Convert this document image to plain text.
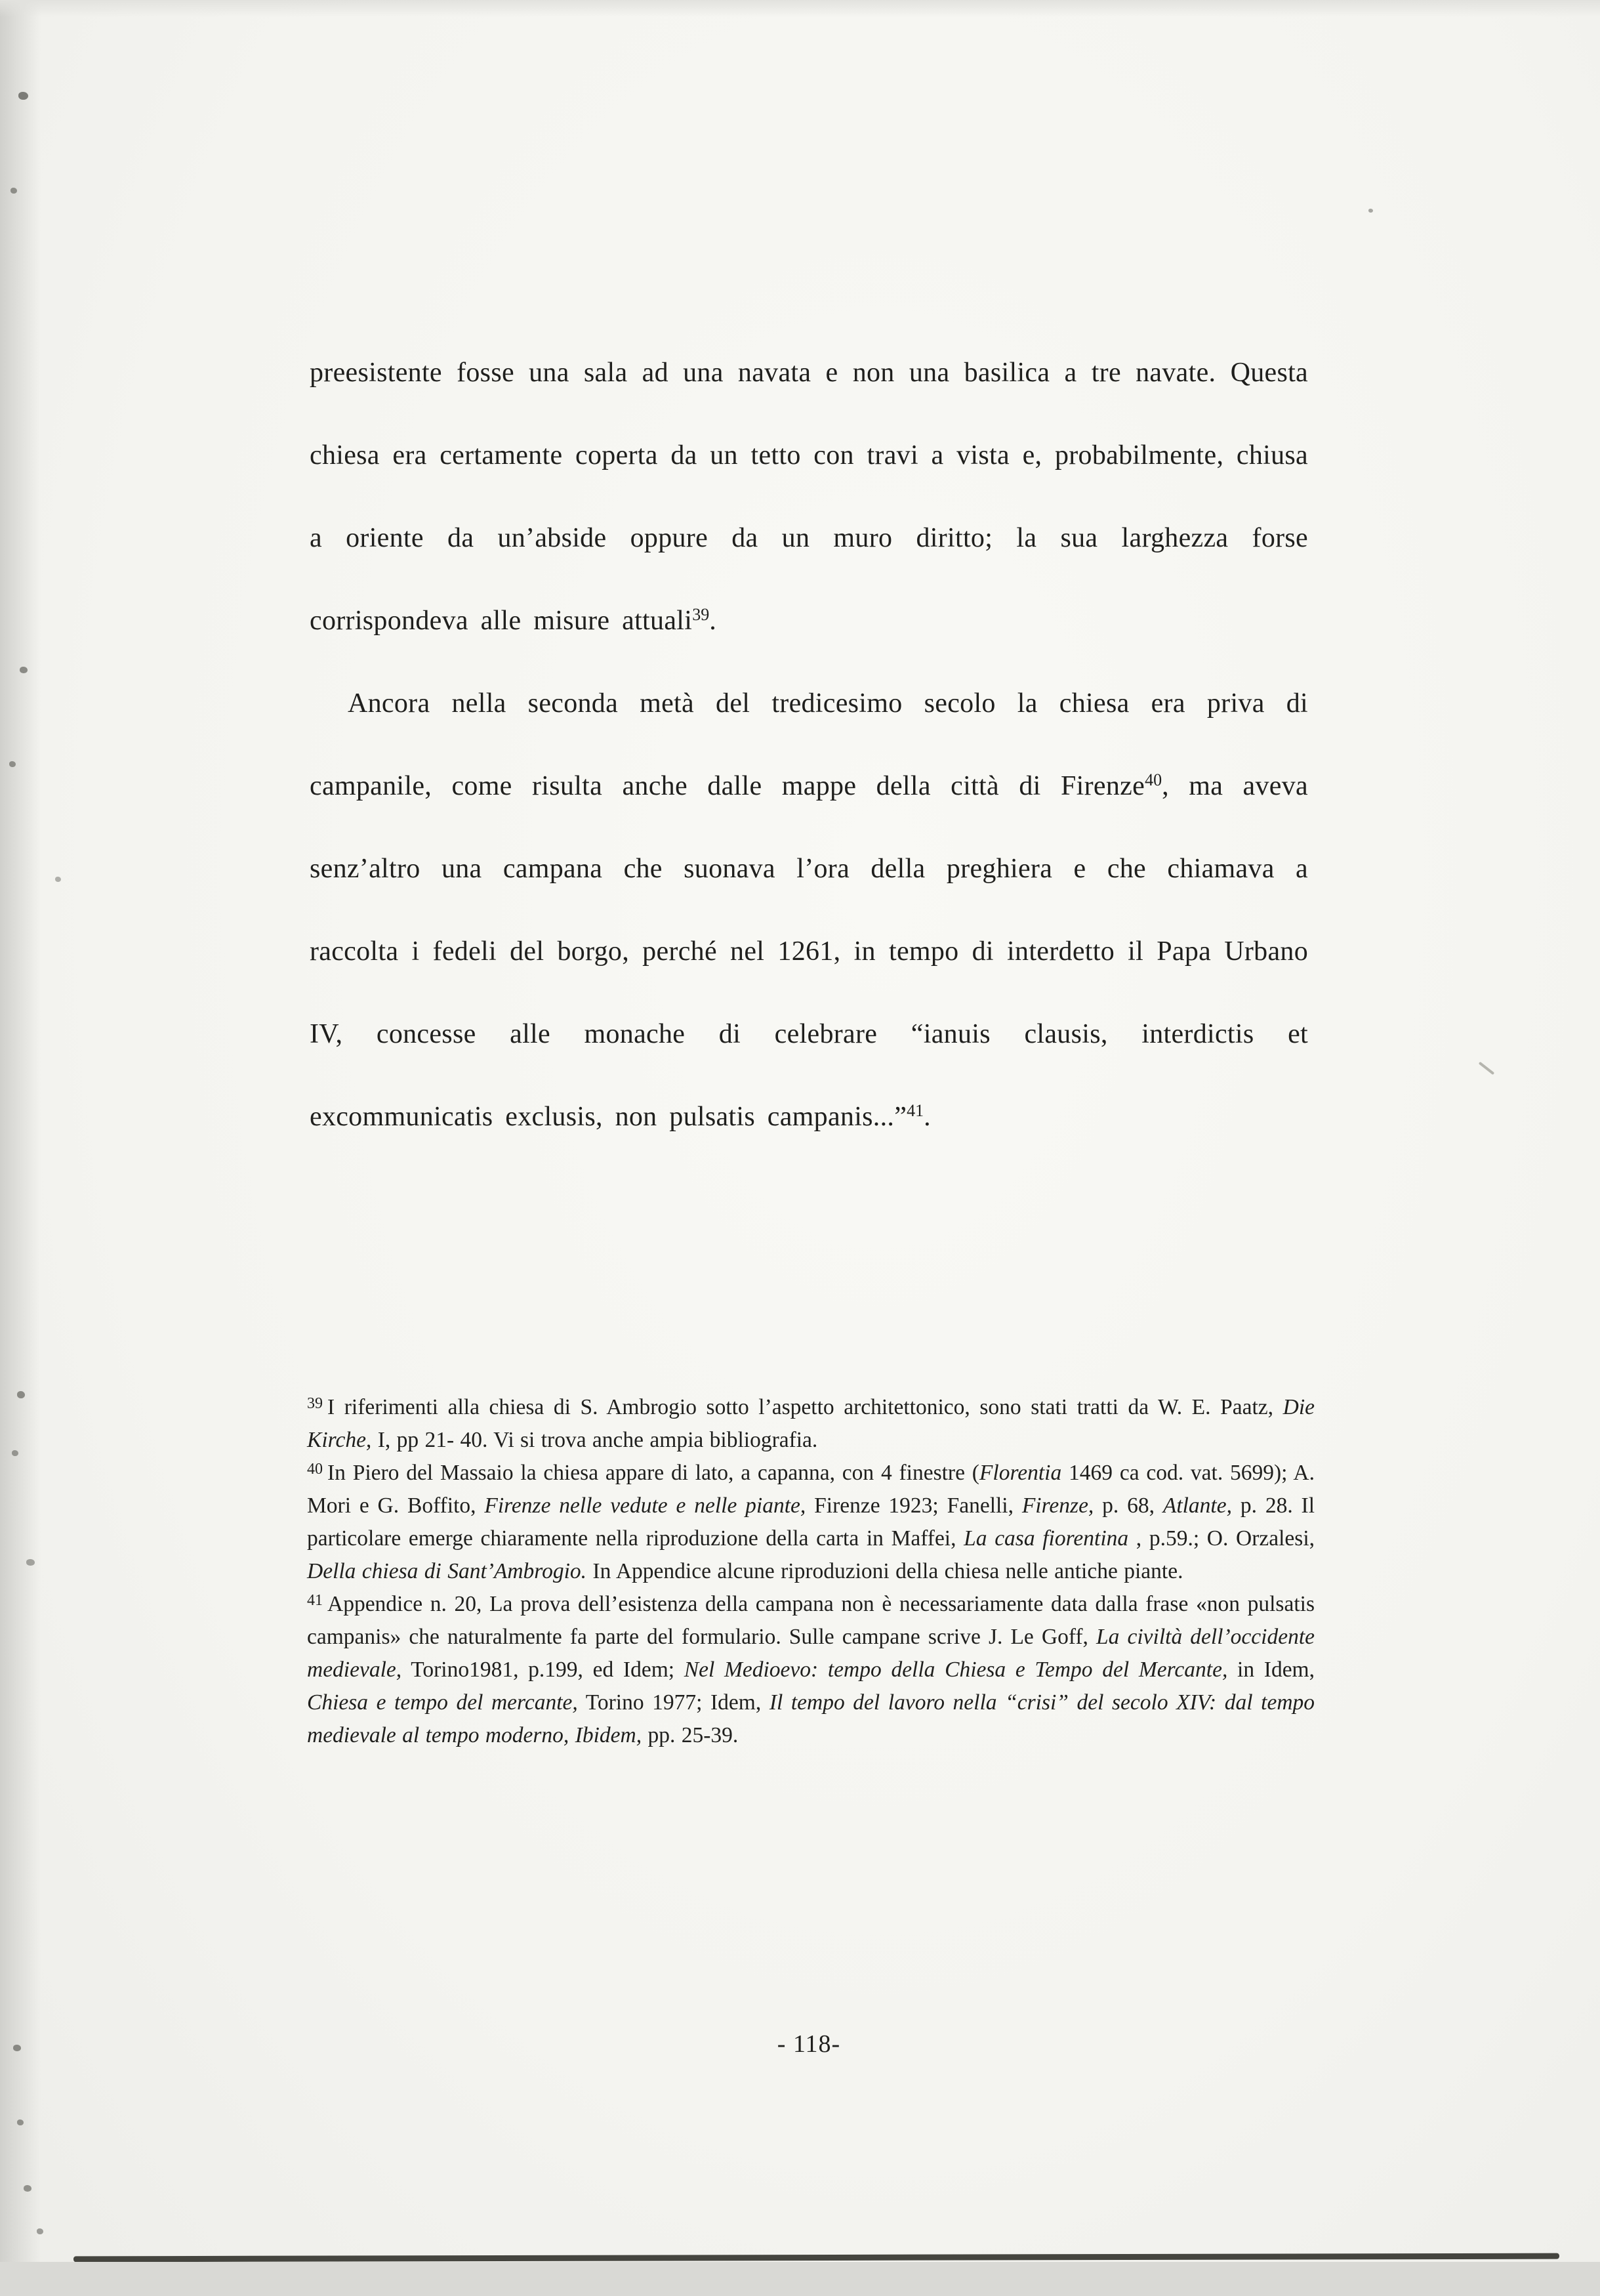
preesistente fosse una sala ad una navata e non una basilica a tre navate. Questa chiesa era certamente coperta da un tetto con travi a vista e, probabilmente, chiusa a oriente da un’abside oppure da un muro diritto; la sua larghezza forse corrispondeva alle misure attuali$^{39}$.

Ancora nella seconda metà del tredicesimo secolo la chiesa era priva di campanile, come risulta anche dalle mappe della città di Firenze$^{40}$, ma aveva senz’altro una campana che suonava l’ora della preghiera e che chiamava a raccolta i fedeli del borgo, perché nel 1261, in tempo di interdetto il Papa Urbano IV, concesse alle monache di celebrare “ianuis clausis, interdictis et excommunicatis exclusis, non pulsatis campanis...”$^{41}$.

$^{39}$ I riferimenti alla chiesa di S. Ambrogio sotto l’aspetto architettonico, sono stati tratti da W. E. Paatz, Die Kirche, I, pp 21- 40. Vi si trova anche ampia bibliografia.

$^{40}$ In Piero del Massaio la chiesa appare di lato, a capanna, con 4 finestre (Florentia 1469 ca cod. vat. 5699); A. Mori e G. Boffito, Firenze nelle vedute e nelle piante, Firenze 1923; Fanelli, Firenze, p. 68, Atlante, p. 28. Il particolare emerge chiaramente nella riproduzione della carta in Maffei, La casa fiorentina , p.59.; O. Orzalesi, Della chiesa di Sant’Ambrogio. In Appendice alcune riproduzioni della chiesa nelle antiche piante.

$^{41}$ Appendice n. 20, La prova dell’esistenza della campana non è necessariamente data dalla frase «non pulsatis campanis» che naturalmente fa parte del formulario. Sulle campane scrive J. Le Goff, La civiltà dell’occidente medievale, Torino1981, p.199, ed Idem; Nel Medioevo: tempo della Chiesa e Tempo del Mercante, in Idem, Chiesa e tempo del mercante, Torino 1977; Idem, Il tempo del lavoro nella “crisi” del secolo XIV: dal tempo medievale al tempo moderno, Ibidem, pp. 25-39.

- 118-
